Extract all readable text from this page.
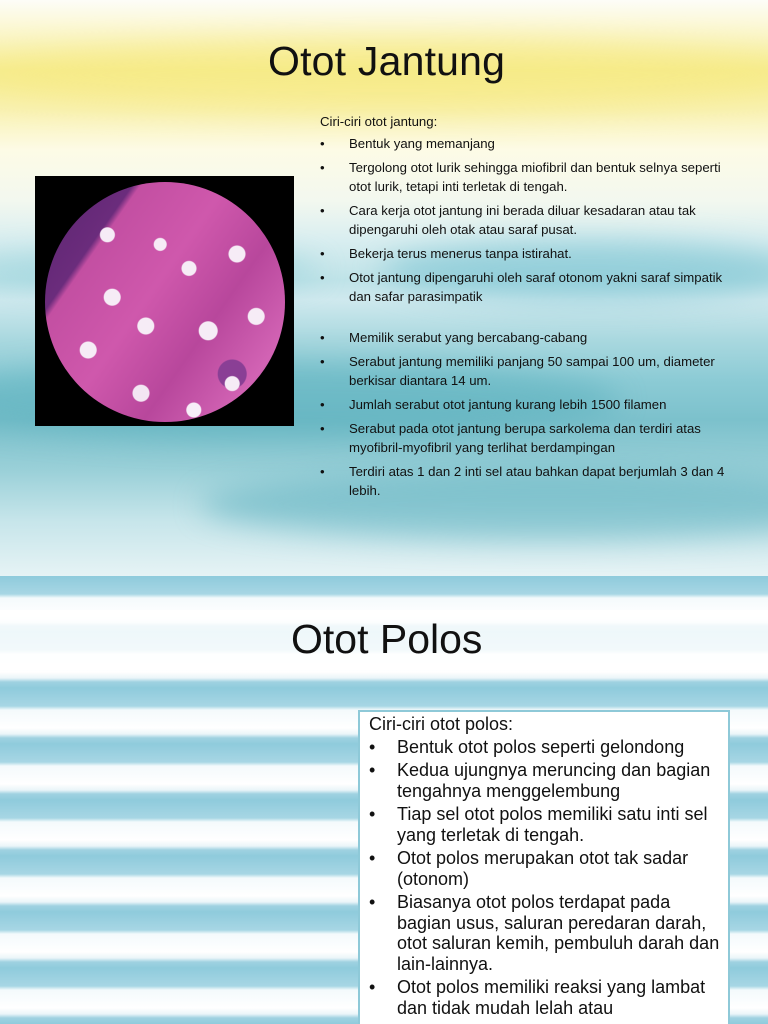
Otot Jantung
Ciri-ciri otot jantung:
• Bentuk yang memanjang
• Tergolong otot lurik sehingga miofibril dan bentuk selnya seperti otot lurik, tetapi inti terletak di tengah.
• Cara kerja otot jantung ini berada diluar kesadaran atau tak dipengaruhi oleh otak atau saraf pusat.
• Bekerja terus menerus tanpa istirahat.
• Otot jantung dipengaruhi oleh saraf otonom yakni saraf simpatik dan safar parasimpatik
• Memilik serabut yang bercabang-cabang
• Serabut jantung memiliki panjang 50 sampai 100 um, diameter berkisar diantara 14 um.
• Jumlah serabut otot jantung kurang lebih 1500 filamen
• Serabut pada otot jantung berupa sarkolema dan terdiri atas myofibril-myofibril yang terlihat berdampingan
• Terdiri atas 1 dan 2 inti sel atau bahkan dapat berjumlah 3 dan 4 lebih.
Otot Polos
Ciri-ciri otot polos:
• Bentuk otot polos seperti gelondong
• Kedua ujungnya meruncing dan bagian tengahnya menggelembung
• Tiap sel otot polos memiliki satu inti sel yang terletak di tengah.
• Otot polos merupakan otot tak sadar (otonom)
• Biasanya otot polos terdapat pada bagian usus, saluran peredaran darah, otot saluran kemih, pembuluh darah dan lain-lainnya.
• Otot polos memiliki reaksi yang lambat dan tidak mudah lelah atau
